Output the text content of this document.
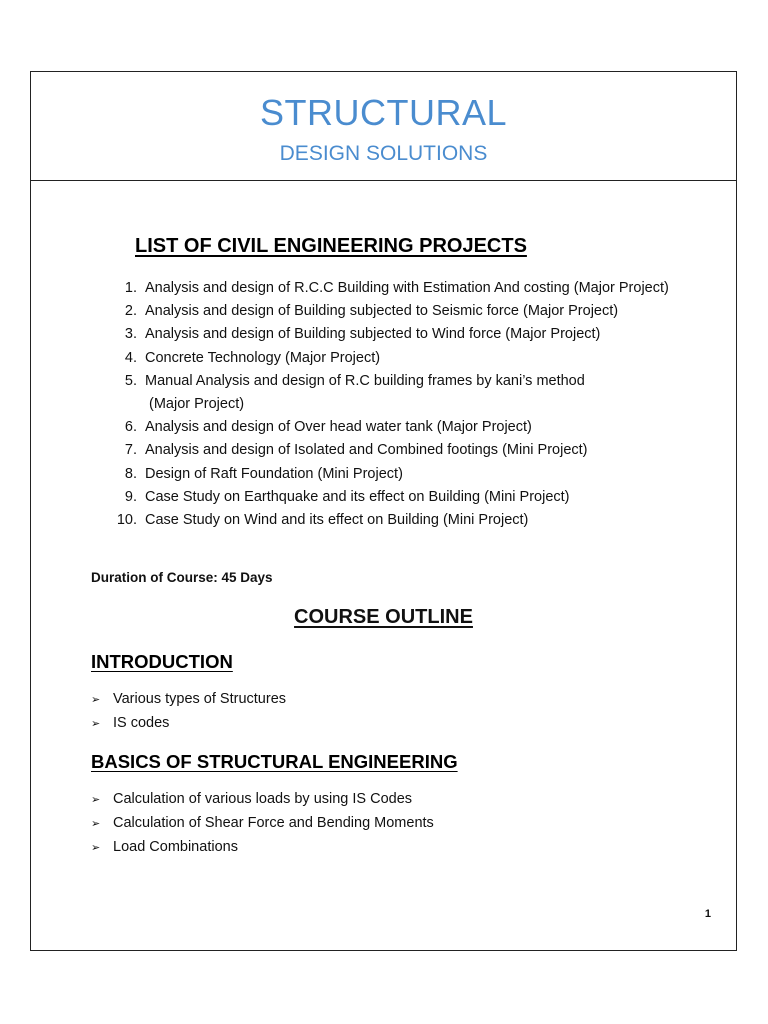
STRUCTURAL
DESIGN SOLUTIONS
LIST OF CIVIL ENGINEERING PROJECTS
1. Analysis and design of R.C.C Building with Estimation And costing (Major Project)
2. Analysis and design of Building subjected to Seismic force (Major Project)
3. Analysis and design of Building subjected to Wind force (Major Project)
4. Concrete Technology (Major Project)
5. Manual Analysis and design of R.C building frames by kani’s method
(Major Project)
6. Analysis and design of Over head water tank (Major Project)
7. Analysis and design of Isolated and Combined footings (Mini Project)
8. Design of Raft Foundation (Mini Project)
9. Case Study on Earthquake and its effect on Building (Mini Project)
10. Case Study on Wind and its effect on Building (Mini Project)
Duration of Course: 45 Days
COURSE OUTLINE
INTRODUCTION
➢ Various types of Structures
➢ IS codes
BASICS OF STRUCTURAL ENGINEERING
➢ Calculation of various loads by using IS Codes
➢ Calculation of Shear Force and Bending Moments
➢ Load Combinations
1
